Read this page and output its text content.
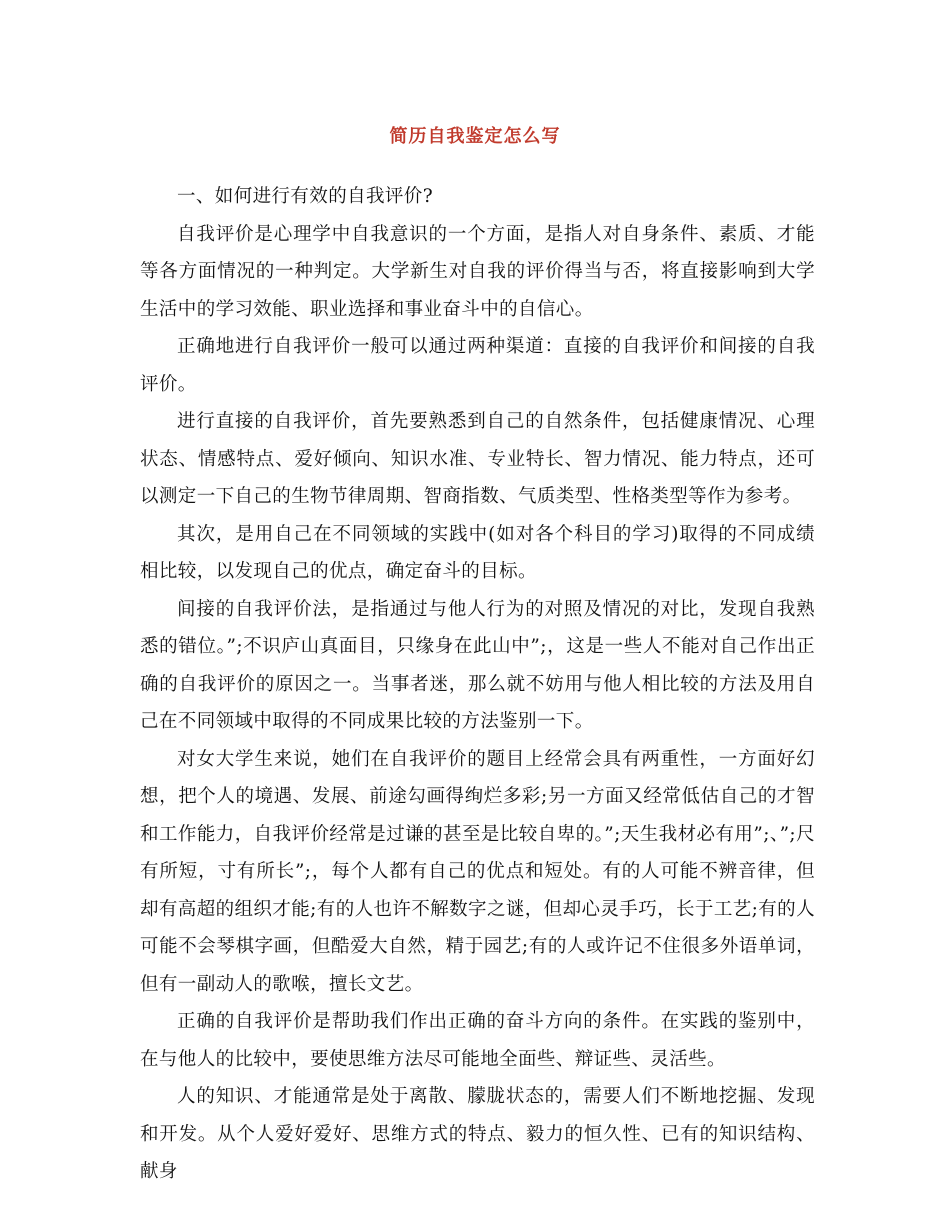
简历自我鉴定怎么写

一、如何进行有效的自我评价?

自我评价是心理学中自我意识的一个方面，是指人对自身条件、素质、才能等各方面情况的一种判定。大学新生对自我的评价得当与否，将直接影响到大学生活中的学习效能、职业选择和事业奋斗中的自信心。

正确地进行自我评价一般可以通过两种渠道：直接的自我评价和间接的自我评价。

进行直接的自我评价，首先要熟悉到自己的自然条件，包括健康情况、心理状态、情感特点、爱好倾向、知识水准、专业特长、智力情况、能力特点，还可以测定一下自己的生物节律周期、智商指数、气质类型、性格类型等作为参考。

其次，是用自己在不同领域的实践中(如对各个科目的学习)取得的不同成绩相比较，以发现自己的优点，确定奋斗的目标。

间接的自我评价法，是指通过与他人行为的对照及情况的对比，发现自我熟悉的错位。”;不识庐山真面目，只缘身在此山中”;，这是一些人不能对自己作出正确的自我评价的原因之一。当事者迷，那么就不妨用与他人相比较的方法及用自己在不同领域中取得的不同成果比较的方法鉴别一下。

对女大学生来说，她们在自我评价的题目上经常会具有两重性，一方面好幻想，把个人的境遇、发展、前途勾画得绚烂多彩;另一方面又经常低估自己的才智和工作能力，自我评价经常是过谦的甚至是比较自卑的。”;天生我材必有用”;、”;尺有所短，寸有所长”;，每个人都有自己的优点和短处。有的人可能不辨音律，但却有高超的组织才能;有的人也许不解数字之谜，但却心灵手巧，长于工艺;有的人可能不会琴棋字画，但酷爱大自然，精于园艺;有的人或许记不住很多外语单词，但有一副动人的歌喉，擅长文艺。

正确的自我评价是帮助我们作出正确的奋斗方向的条件。在实践的鉴别中，在与他人的比较中，要使思维方法尽可能地全面些、辩证些、灵活些。

人的知识、才能通常是处于离散、朦胧状态的，需要人们不断地挖掘、发现和开发。从个人爱好爱好、思维方式的特点、毅力的恒久性、已有的知识结构、献身
